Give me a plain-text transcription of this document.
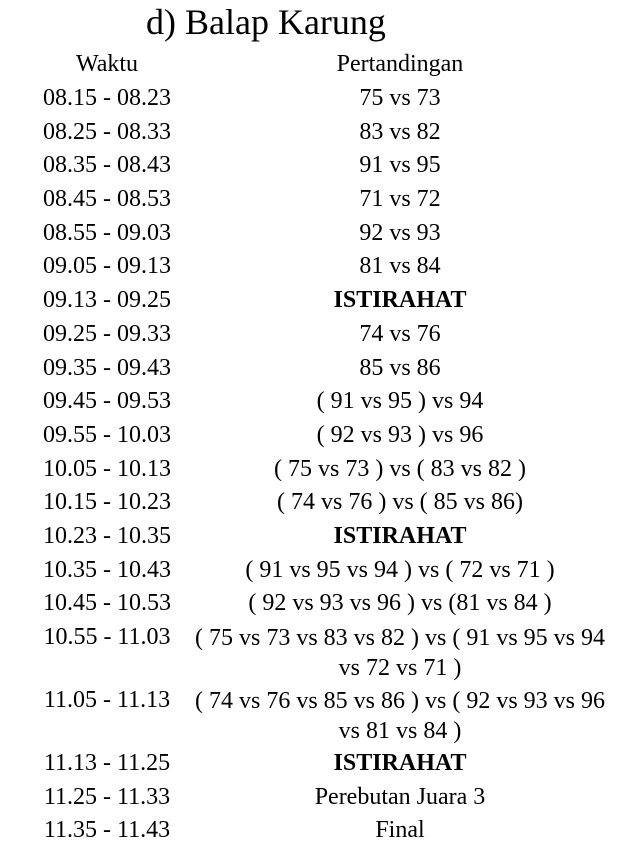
d) Balap Karung
Waktu	Pertandingan
08.15 - 08.23	75 vs 73
08.25 - 08.33	83 vs 82
08.35 - 08.43	91 vs 95
08.45 - 08.53	71 vs 72
08.55 - 09.03	92 vs 93
09.05 - 09.13	81 vs 84
09.13 - 09.25	ISTIRAHAT
09.25 - 09.33	74 vs 76
09.35 - 09.43	85 vs 86
09.45 - 09.53	( 91 vs 95 ) vs 94
09.55 - 10.03	( 92 vs 93 ) vs 96
10.05 - 10.13	( 75 vs 73 ) vs ( 83 vs 82 )
10.15 - 10.23	( 74 vs 76 ) vs ( 85 vs 86)
10.23 - 10.35	ISTIRAHAT
10.35 - 10.43	( 91 vs 95 vs 94 ) vs ( 72 vs 71 )
10.45 - 10.53	( 92 vs 93 vs 96 ) vs (81 vs 84 )
10.55 - 11.03	( 75 vs 73 vs 83 vs 82 ) vs ( 91 vs 95 vs 94 vs 72 vs 71 )
11.05 - 11.13	( 74 vs 76 vs 85 vs 86 ) vs ( 92 vs 93 vs 96 vs 81 vs 84 )
11.13 - 11.25	ISTIRAHAT
11.25 - 11.33	Perebutan Juara 3
11.35 - 11.43	Final
